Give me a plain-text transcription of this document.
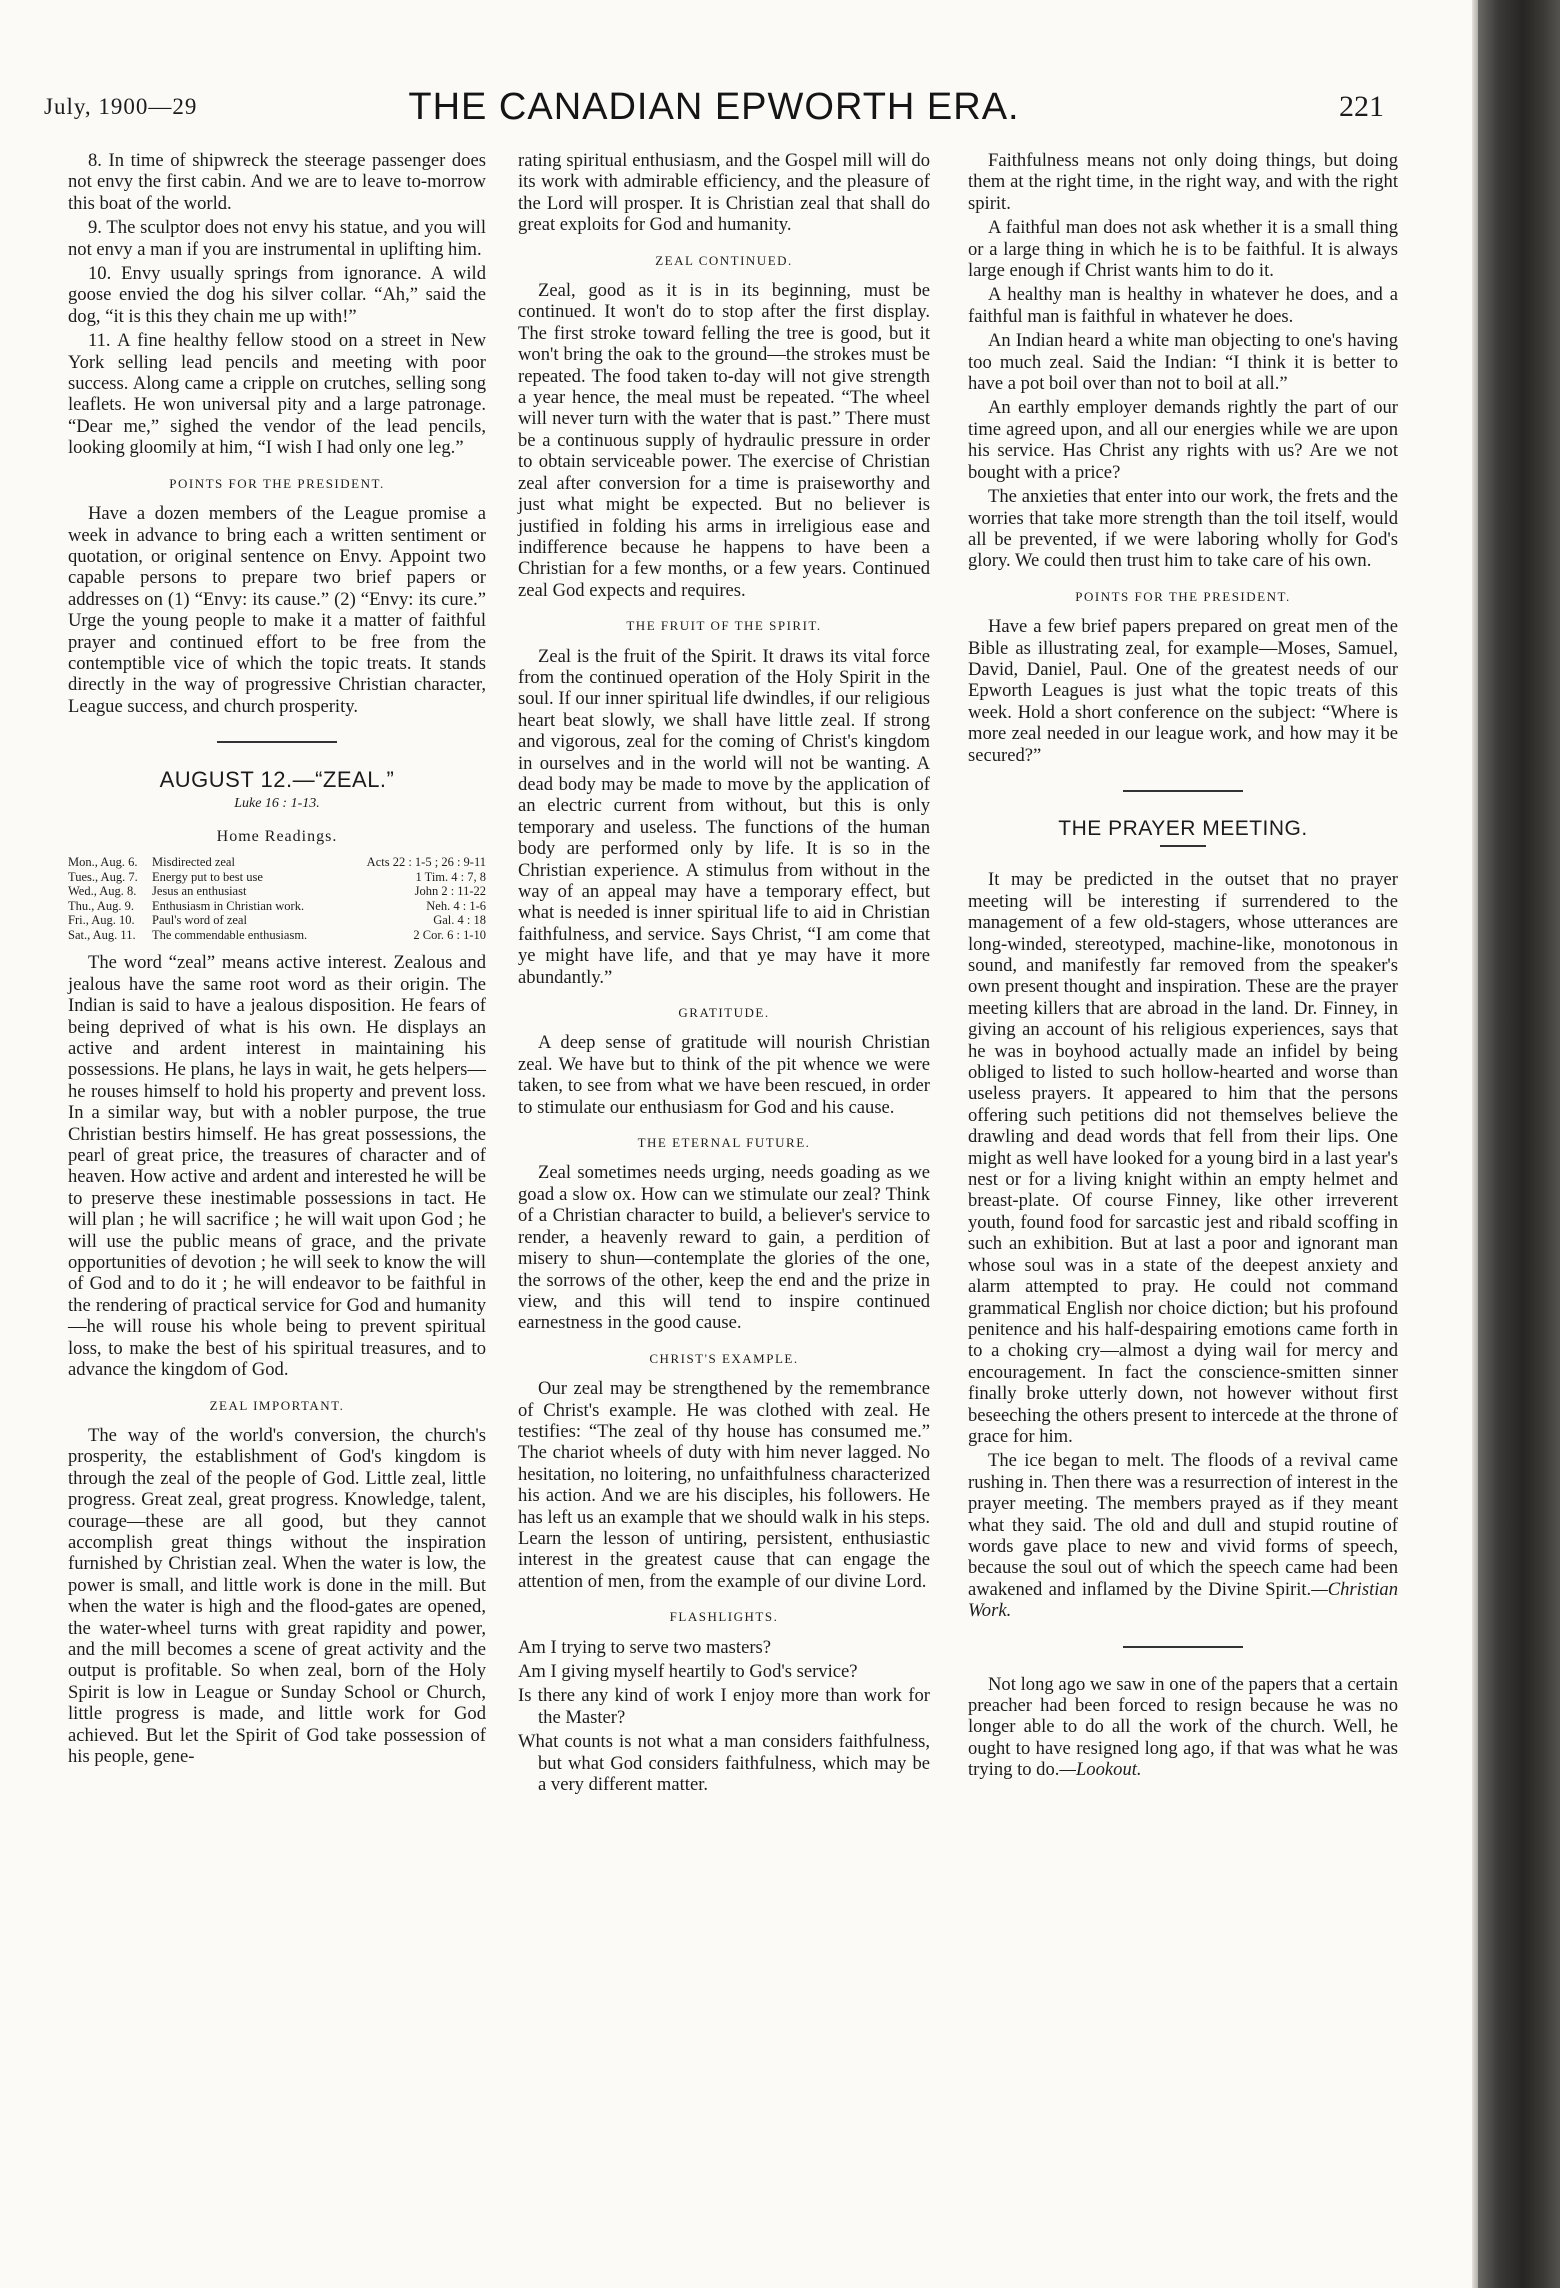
July, 1900—29	THE CANADIAN EPWORTH ERA.	221

8. In time of shipwreck the steerage passenger does not envy the first cabin. And we are to leave to-morrow this boat of the world.

9. The sculptor does not envy his statue, and you will not envy a man if you are instrumental in uplifting him.

10. Envy usually springs from ignorance. A wild goose envied the dog his silver collar. “Ah,” said the dog, “it is this they chain me up with!”

11. A fine healthy fellow stood on a street in New York selling lead pencils and meeting with poor success. Along came a cripple on crutches, selling song leaflets. He won universal pity and a large patronage. “Dear me,” sighed the vendor of the lead pencils, looking gloomily at him, “I wish I had only one leg.”

POINTS FOR THE PRESIDENT.

Have a dozen members of the League promise a week in advance to bring each a written sentiment or quotation, or original sentence on Envy. Appoint two capable persons to prepare two brief papers or addresses on (1) “Envy: its cause.” (2) “Envy: its cure.” Urge the young people to make it a matter of faithful prayer and continued effort to be free from the contemptible vice of which the topic treats. It stands directly in the way of progressive Christian character, League success, and church prosperity.

AUGUST 12.—“ZEAL.”

Luke 16 : 1-13.

Home Readings.

Mon., Aug. 6.	Misdirected zeal	Acts 22 : 1-5 ; 26 : 9-11
Tues., Aug. 7.	Energy put to best use	1 Tim. 4 : 7, 8
Wed., Aug. 8.	Jesus an enthusiast	John 2 : 11-22
Thu., Aug. 9.	Enthusiasm in Christian work.	Neh. 4 : 1-6
Fri., Aug. 10.	Paul's word of zeal	Gal. 4 : 18
Sat., Aug. 11.	The commendable enthusiasm.	2 Cor. 6 : 1-10

The word “zeal” means active interest. Zealous and jealous have the same root word as their origin. The Indian is said to have a jealous disposition. He fears of being deprived of what is his own. He displays an active and ardent interest in maintaining his possessions. He plans, he lays in wait, he gets helpers—he rouses himself to hold his property and prevent loss. In a similar way, but with a nobler purpose, the true Christian bestirs himself. He has great possessions, the pearl of great price, the treasures of character and of heaven. How active and ardent and interested he will be to preserve these inestimable possessions in tact. He will plan ; he will sacrifice ; he will wait upon God ; he will use the public means of grace, and the private opportunities of devotion ; he will seek to know the will of God and to do it ; he will endeavor to be faithful in the rendering of practical service for God and humanity—he will rouse his whole being to prevent spiritual loss, to make the best of his spiritual treasures, and to advance the kingdom of God.

ZEAL IMPORTANT.

The way of the world's conversion, the church's prosperity, the establishment of God's kingdom is through the zeal of the people of God. Little zeal, little progress. Great zeal, great progress. Knowledge, talent, courage—these are all good, but they cannot accomplish great things without the inspiration furnished by Christian zeal. When the water is low, the power is small, and little work is done in the mill. But when the water is high and the flood-gates are opened, the water-wheel turns with great rapidity and power, and the mill becomes a scene of great activity and the output is profitable. So when zeal, born of the Holy Spirit is low in League or Sunday School or Church, little progress is made, and little work for God achieved. But let the Spirit of God take possession of his people, gene-

rating spiritual enthusiasm, and the Gospel mill will do its work with admirable efficiency, and the pleasure of the Lord will prosper. It is Christian zeal that shall do great exploits for God and humanity.

ZEAL CONTINUED.

Zeal, good as it is in its beginning, must be continued. It won't do to stop after the first display. The first stroke toward felling the tree is good, but it won't bring the oak to the ground—the strokes must be repeated. The food taken to-day will not give strength a year hence, the meal must be repeated. “The wheel will never turn with the water that is past.” There must be a continuous supply of hydraulic pressure in order to obtain serviceable power. The exercise of Christian zeal after conversion for a time is praiseworthy and just what might be expected. But no believer is justified in folding his arms in irreligious ease and indifference because he happens to have been a Christian for a few months, or a few years. Continued zeal God expects and requires.

THE FRUIT OF THE SPIRIT.

Zeal is the fruit of the Spirit. It draws its vital force from the continued operation of the Holy Spirit in the soul. If our inner spiritual life dwindles, if our religious heart beat slowly, we shall have little zeal. If strong and vigorous, zeal for the coming of Christ's kingdom in ourselves and in the world will not be wanting. A dead body may be made to move by the application of an electric current from without, but this is only temporary and useless. The functions of the human body are performed only by life. It is so in the Christian experience. A stimulus from without in the way of an appeal may have a temporary effect, but what is needed is inner spiritual life to aid in Christian faithfulness, and service. Says Christ, “I am come that ye might have life, and that ye may have it more abundantly.”

GRATITUDE.

A deep sense of gratitude will nourish Christian zeal. We have but to think of the pit whence we were taken, to see from what we have been rescued, in order to stimulate our enthusiasm for God and his cause.

THE ETERNAL FUTURE.

Zeal sometimes needs urging, needs goading as we goad a slow ox. How can we stimulate our zeal? Think of a Christian character to build, a believer's service to render, a heavenly reward to gain, a perdition of misery to shun—contemplate the glories of the one, the sorrows of the other, keep the end and the prize in view, and this will tend to inspire continued earnestness in the good cause.

CHRIST'S EXAMPLE.

Our zeal may be strengthened by the remembrance of Christ's example. He was clothed with zeal. He testifies: “The zeal of thy house has consumed me.” The chariot wheels of duty with him never lagged. No hesitation, no loitering, no unfaithfulness characterized his action. And we are his disciples, his followers. He has left us an example that we should walk in his steps. Learn the lesson of untiring, persistent, enthusiastic interest in the greatest cause that can engage the attention of men, from the example of our divine Lord.

FLASHLIGHTS.

Am I trying to serve two masters?

Am I giving myself heartily to God's service?

Is there any kind of work I enjoy more than work for the Master?

What counts is not what a man considers faithfulness, but what God considers faithfulness, which may be a very different matter.

Faithfulness means not only doing things, but doing them at the right time, in the right way, and with the right spirit.

A faithful man does not ask whether it is a small thing or a large thing in which he is to be faithful. It is always large enough if Christ wants him to do it.

A healthy man is healthy in whatever he does, and a faithful man is faithful in whatever he does.

An Indian heard a white man objecting to one's having too much zeal. Said the Indian: “I think it is better to have a pot boil over than not to boil at all.”

An earthly employer demands rightly the part of our time agreed upon, and all our energies while we are upon his service. Has Christ any rights with us? Are we not bought with a price?

The anxieties that enter into our work, the frets and the worries that take more strength than the toil itself, would all be prevented, if we were laboring wholly for God's glory. We could then trust him to take care of his own.

POINTS FOR THE PRESIDENT.

Have a few brief papers prepared on great men of the Bible as illustrating zeal, for example—Moses, Samuel, David, Daniel, Paul. One of the greatest needs of our Epworth Leagues is just what the topic treats of this week. Hold a short conference on the subject: “Where is more zeal needed in our league work, and how may it be secured?”

THE PRAYER MEETING.

It may be predicted in the outset that no prayer meeting will be interesting if surrendered to the management of a few old-stagers, whose utterances are long-winded, stereotyped, machine-like, monotonous in sound, and manifestly far removed from the speaker's own present thought and inspiration. These are the prayer meeting killers that are abroad in the land. Dr. Finney, in giving an account of his religious experiences, says that he was in boyhood actually made an infidel by being obliged to listed to such hollow-hearted and worse than useless prayers. It appeared to him that the persons offering such petitions did not themselves believe the drawling and dead words that fell from their lips. One might as well have looked for a young bird in a last year's nest or for a living knight within an empty helmet and breast-plate. Of course Finney, like other irreverent youth, found food for sarcastic jest and ribald scoffing in such an exhibition. But at last a poor and ignorant man whose soul was in a state of the deepest anxiety and alarm attempted to pray. He could not command grammatical English nor choice diction; but his profound penitence and his half-despairing emotions came forth in to a choking cry—almost a dying wail for mercy and encouragement. In fact the conscience-smitten sinner finally broke utterly down, not however without first beseeching the others present to intercede at the throne of grace for him.

The ice began to melt. The floods of a revival came rushing in. Then there was a resurrection of interest in the prayer meeting. The members prayed as if they meant what they said. The old and dull and stupid routine of words gave place to new and vivid forms of speech, because the soul out of which the speech came had been awakened and inflamed by the Divine Spirit.—Christian Work.

Not long ago we saw in one of the papers that a certain preacher had been forced to resign because he was no longer able to do all the work of the church. Well, he ought to have resigned long ago, if that was what he was trying to do.—Lookout.
